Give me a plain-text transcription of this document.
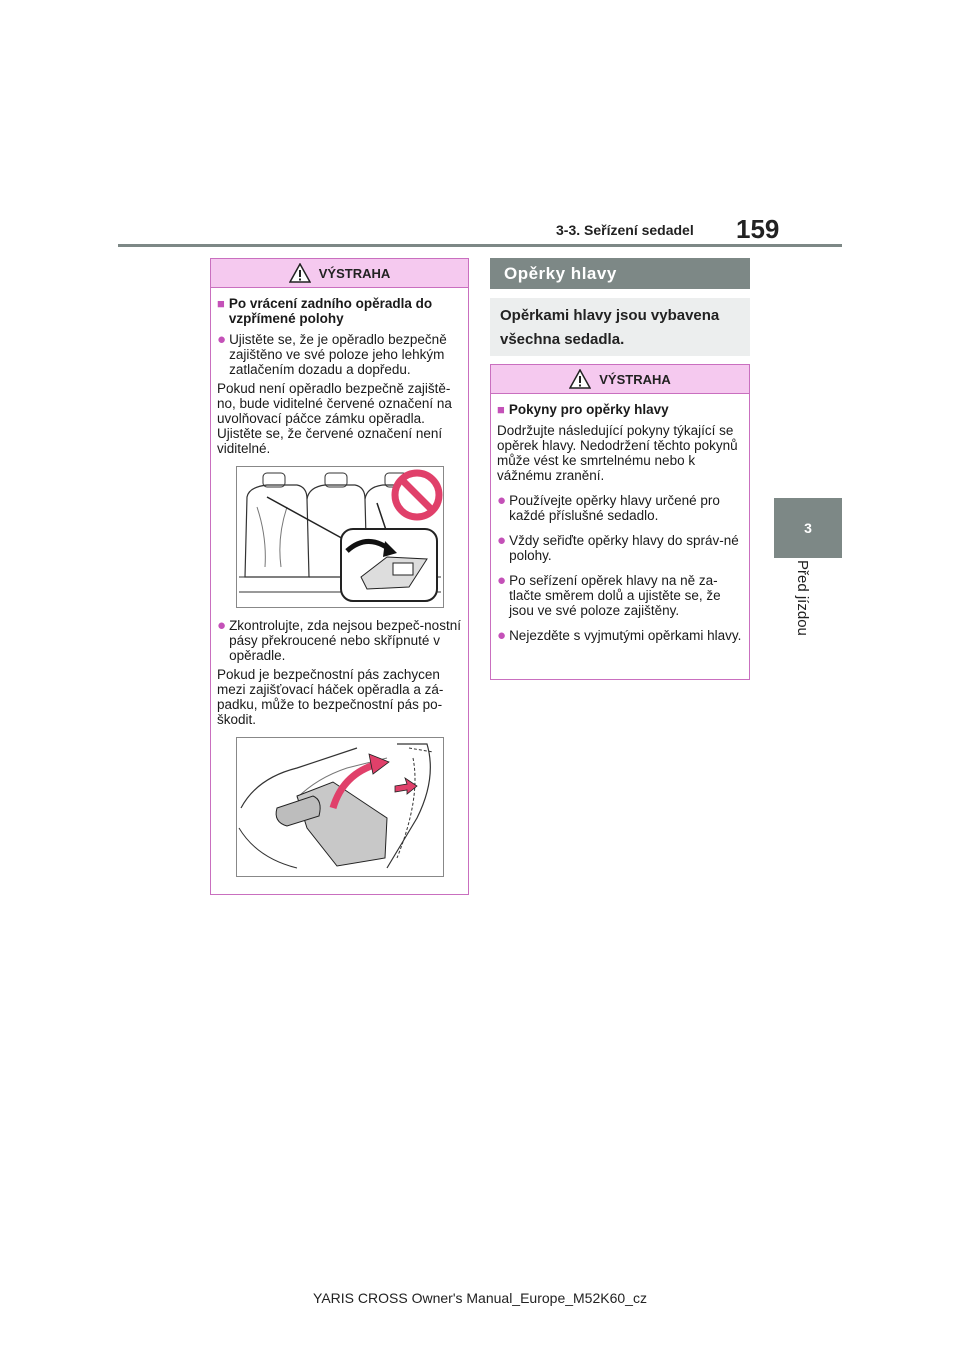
3-3. Seřízení sedadel 159
3
Před jízdou
VÝSTRAHA
■ Po vrácení zadního opěradla do vzpřímené polohy
● Ujistěte se, že je opěradlo bezpečně zajištěno ve své poloze jeho lehkým zatlačením dozadu a dopředu.
Pokud není opěradlo bezpečně zajiště-no, bude viditelné červené označení na uvolňovací páčce zámku opěradla. Ujistěte se, že červené označení není viditelné.
● Zkontrolujte, zda nejsou bezpeč-nostní pásy překroucené nebo skřípnuté v opěradle.
Pokud je bezpečnostní pás zachycen mezi zajišťovací háček opěradla a zá-padku, může to bezpečnostní pás po-škodit.
Opěrky hlavy
Opěrkami hlavy jsou vybavena všechna sedadla.
VÝSTRAHA
■ Pokyny pro opěrky hlavy
Dodržujte následující pokyny týkající se opěrek hlavy. Nedodržení těchto pokynů může vést ke smrtelnému nebo k vážnému zranění.
● Používejte opěrky hlavy určené pro každé příslušné sedadlo.
● Vždy seřiďte opěrky hlavy do správ-né polohy.
● Po seřízení opěrek hlavy na ně za-tlačte směrem dolů a ujistěte se, že jsou ve své poloze zajištěny.
● Nejezděte s vyjmutými opěrkami hlavy.
YARIS CROSS Owner's Manual_Europe_M52K60_cz
